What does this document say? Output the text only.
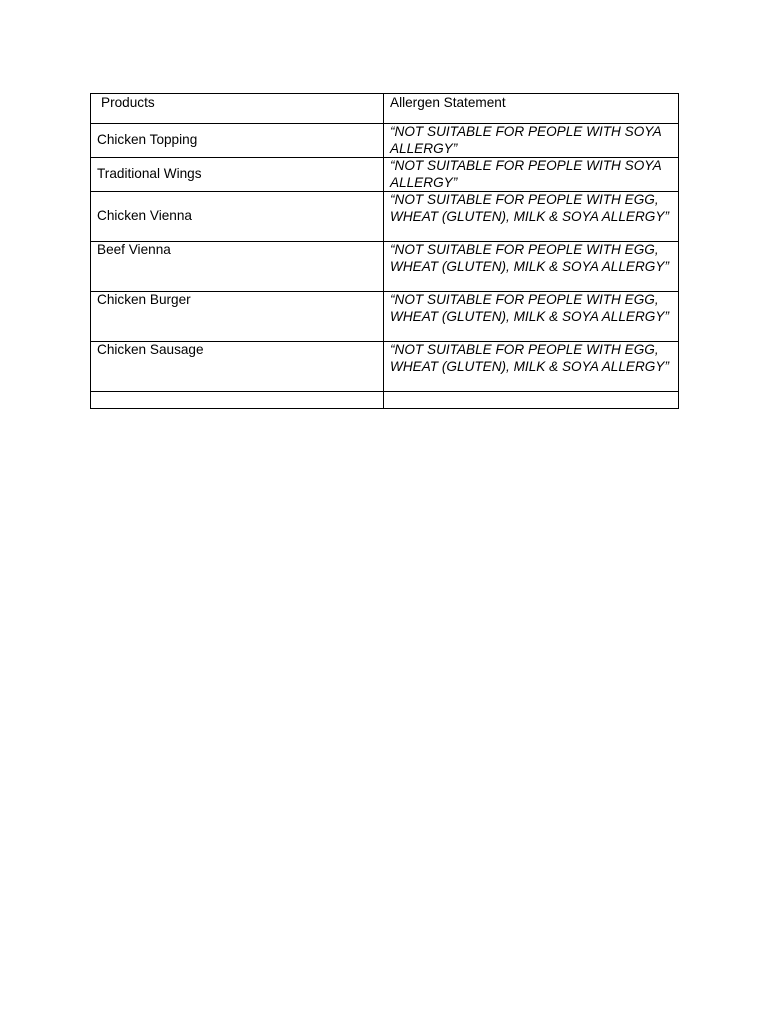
Products	Allergen Statement
Chicken Topping	“NOT SUITABLE FOR PEOPLE WITH SOYA ALLERGY”
Traditional Wings	“NOT SUITABLE FOR PEOPLE WITH SOYA ALLERGY”
Chicken Vienna	“NOT SUITABLE FOR PEOPLE WITH EGG, WHEAT (GLUTEN), MILK & SOYA ALLERGY”
Beef Vienna	“NOT SUITABLE FOR PEOPLE WITH EGG, WHEAT (GLUTEN), MILK & SOYA ALLERGY”
Chicken Burger	“NOT SUITABLE FOR PEOPLE WITH EGG, WHEAT (GLUTEN), MILK & SOYA ALLERGY”
Chicken Sausage	“NOT SUITABLE FOR PEOPLE WITH EGG, WHEAT (GLUTEN), MILK & SOYA ALLERGY”
